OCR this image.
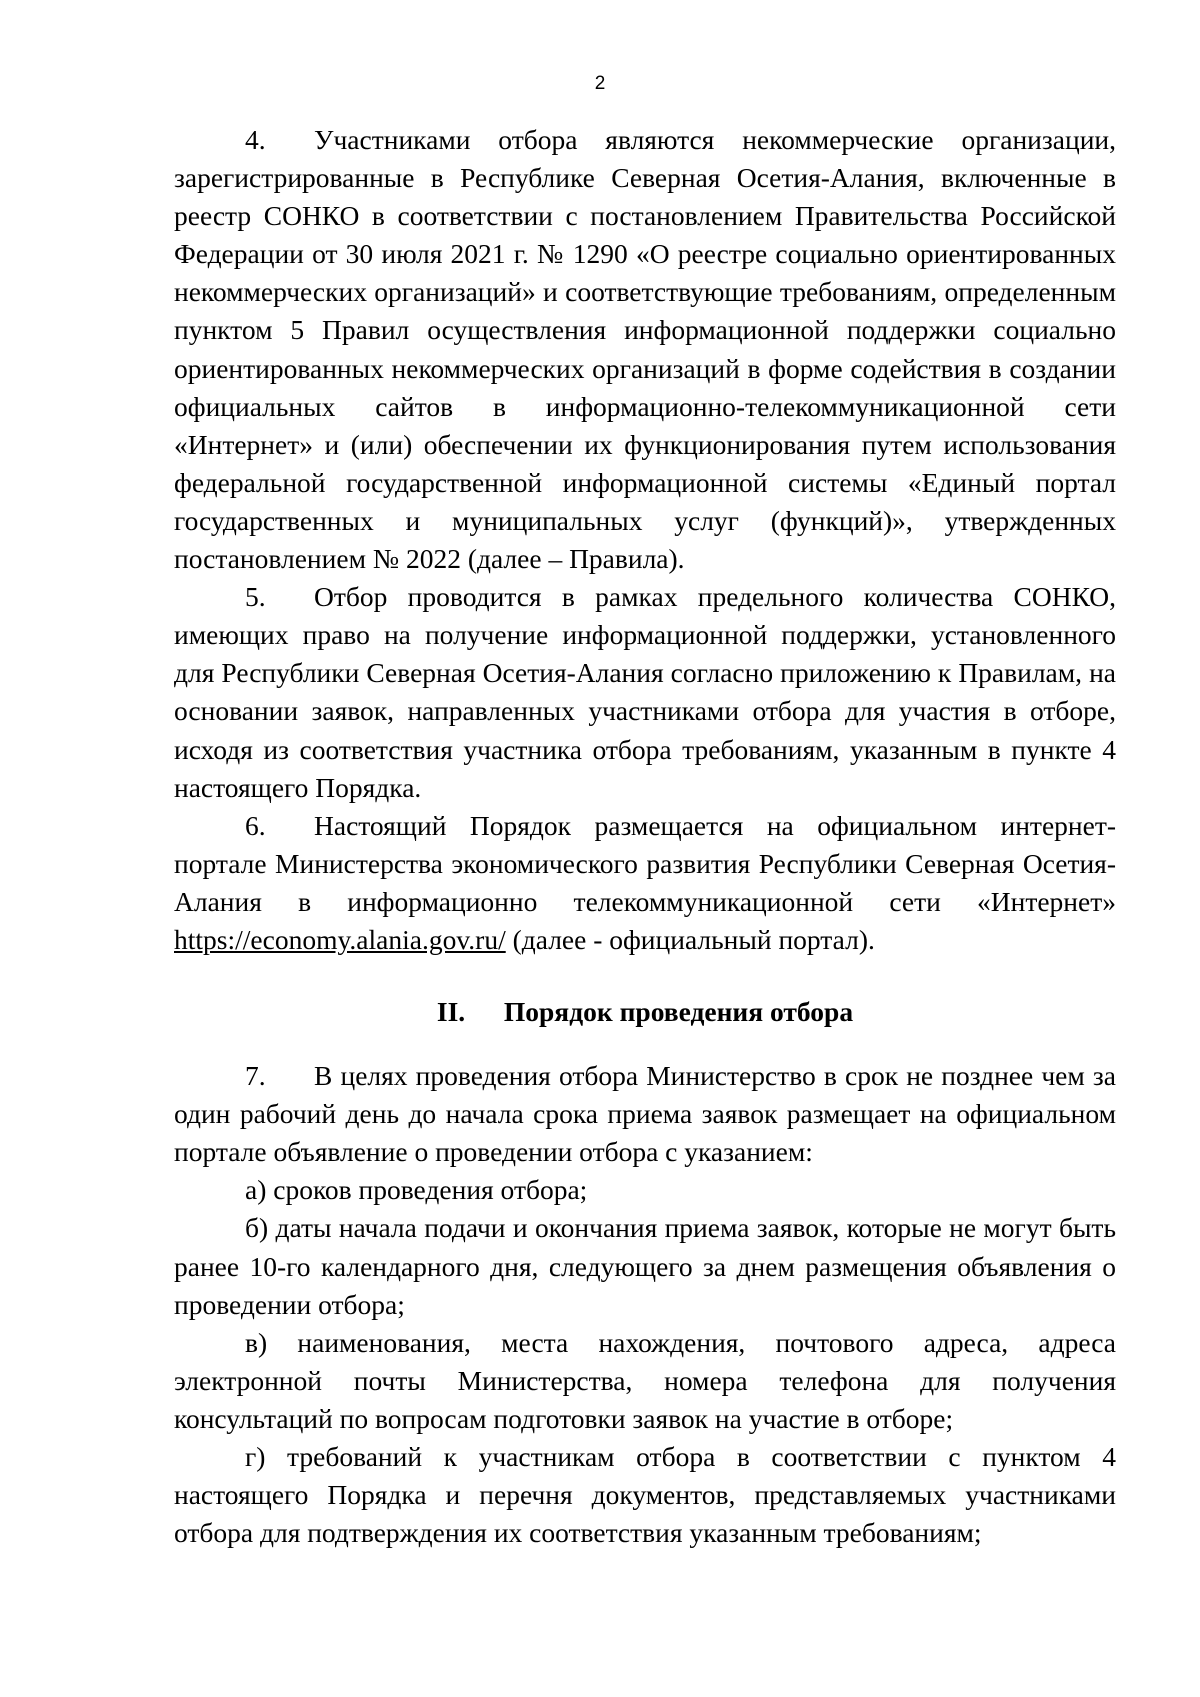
2

4. Участниками отбора являются некоммерческие организации, зарегистрированные в Республике Северная Осетия-Алания, включенные в реестр СОНКО в соответствии с постановлением Правительства Российской Федерации от 30 июля 2021 г. № 1290 «О реестре социально ориентированных некоммерческих организаций» и соответствующие требованиям, определенным пунктом 5 Правил осуществления информационной поддержки социально ориентированных некоммерческих организаций в форме содействия в создании официальных сайтов в информационно-телекоммуникационной сети «Интернет» и (или) обеспечении их функционирования путем использования федеральной государственной информационной системы «Единый портал государственных и муниципальных услуг (функций)», утвержденных постановлением № 2022 (далее – Правила).

5. Отбор проводится в рамках предельного количества СОНКО, имеющих право на получение информационной поддержки, установленного для Республики Северная Осетия-Алания согласно приложению к Правилам, на основании заявок, направленных участниками отбора для участия в отборе, исходя из соответствия участника отбора требованиям, указанным в пункте 4 настоящего Порядка.

6. Настоящий Порядок размещается на официальном интернет-портале Министерства экономического развития Республики Северная Осетия-Алания в информационно телекоммуникационной сети «Интернет» https://economy.alania.gov.ru/ (далее - официальный портал).

II. Порядок проведения отбора

7. В целях проведения отбора Министерство в срок не позднее чем за один рабочий день до начала срока приема заявок размещает на официальном портале объявление о проведении отбора с указанием:

а) сроков проведения отбора;

б) даты начала подачи и окончания приема заявок, которые не могут быть ранее 10-го календарного дня, следующего за днем размещения объявления о проведении отбора;

в) наименования, места нахождения, почтового адреса, адреса электронной почты Министерства, номера телефона для получения консультаций по вопросам подготовки заявок на участие в отборе;

г) требований к участникам отбора в соответствии с пунктом 4 настоящего Порядка и перечня документов, представляемых участниками отбора для подтверждения их соответствия указанным требованиям;
